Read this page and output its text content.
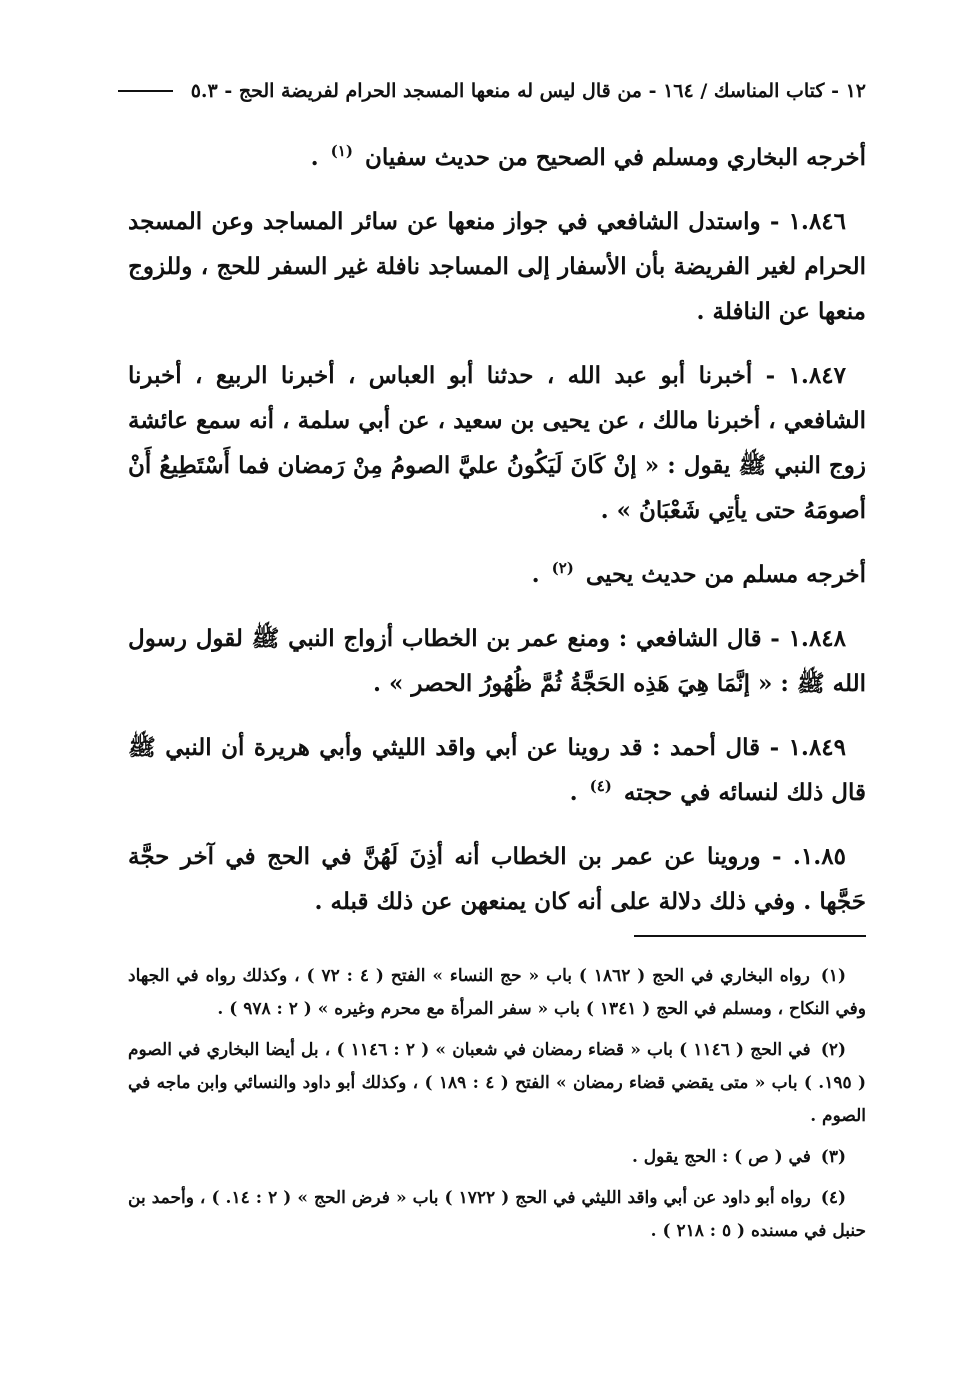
١٢ - كتاب المناسك / ١٦٤ - من قال ليس له منعها المسجد الحرام لفريضة الحج - ٥.٣

أخرجه البخاري ومسلم في الصحيح من حديث سفيان $^{(١)}$ .

١.٨٤٦ - واستدل الشافعي في جواز منعها عن سائر المساجد وعن المسجد الحرام لغير الفريضة بأن الأسفار إلى المساجد نافلة غير السفر للحج ، وللزوج منعها عن النافلة .

١.٨٤٧ - أخبرنا أبو عبد الله ، حدثنا أبو العباس ، أخبرنا الربيع ، أخبرنا الشافعي ، أخبرنا مالك ، عن يحيى بن سعيد ، عن أبي سلمة ، أنه سمع عائشة زوج النبي ﷺ يقول : « إنْ كَانَ لَيَكُونُ عليَّ الصومُ مِنْ رَمضان فما أَسْتَطِيعُ أَنْ أصومَهُ حتى يأتِي شَعْبَانُ » .

أخرجه مسلم من حديث يحيى $^{(٢)}$ .

١.٨٤٨ - قال الشافعي : ومنع عمر بن الخطاب أزواج النبي ﷺ لقول رسول الله ﷺ : « إنَّمَا هِيَ هَذِه الحَجَّةُ ثُمَّ ظُهُورُ الحصر » .

١.٨٤٩ - قال أحمد : قد روينا عن أبي واقد الليثي وأبي هريرة أن النبي ﷺ قال ذلك لنسائه في حجته $^{(٤)}$ .

١.٨٥. - وروينا عن عمر بن الخطاب أنه أذِنَ لَهُنَّ في الحج في آخر حجَّة حَجَّها . وفي ذلك دلالة على أنه كان يمنعهن عن ذلك قبله .

(١) رواه البخاري في الحج ( ١٨٦٢ ) باب « حج النساء » الفتح ( ٤ : ٧٢ ) ، وكذلك رواه في الجهاد وفي النكاح ، ومسلم في الحج ( ١٣٤١ ) باب « سفر المرأة مع محرم وغيره » ( ٢ : ٩٧٨ ) .

(٢) في الحج ( ١١٤٦ ) باب « قضاء رمضان في شعبان » ( ٢ : ١١٤٦ ) ، بل أيضا البخاري في الصوم ( ١٩٥. ) باب « متى يقضي قضاء رمضان » الفتح ( ٤ : ١٨٩ ) ، وكذلك أبو داود والنسائي وابن ماجه في الصوم .

(٣) في ( ص ) : الحج يقول .

(٤) رواه أبو داود عن أبي واقد الليثي في الحج ( ١٧٢٢ ) باب « فرض الحج » ( ٢ : ١٤. ) ، وأحمد بن حنبل في مسنده ( ٥ : ٢١٨ ) .
